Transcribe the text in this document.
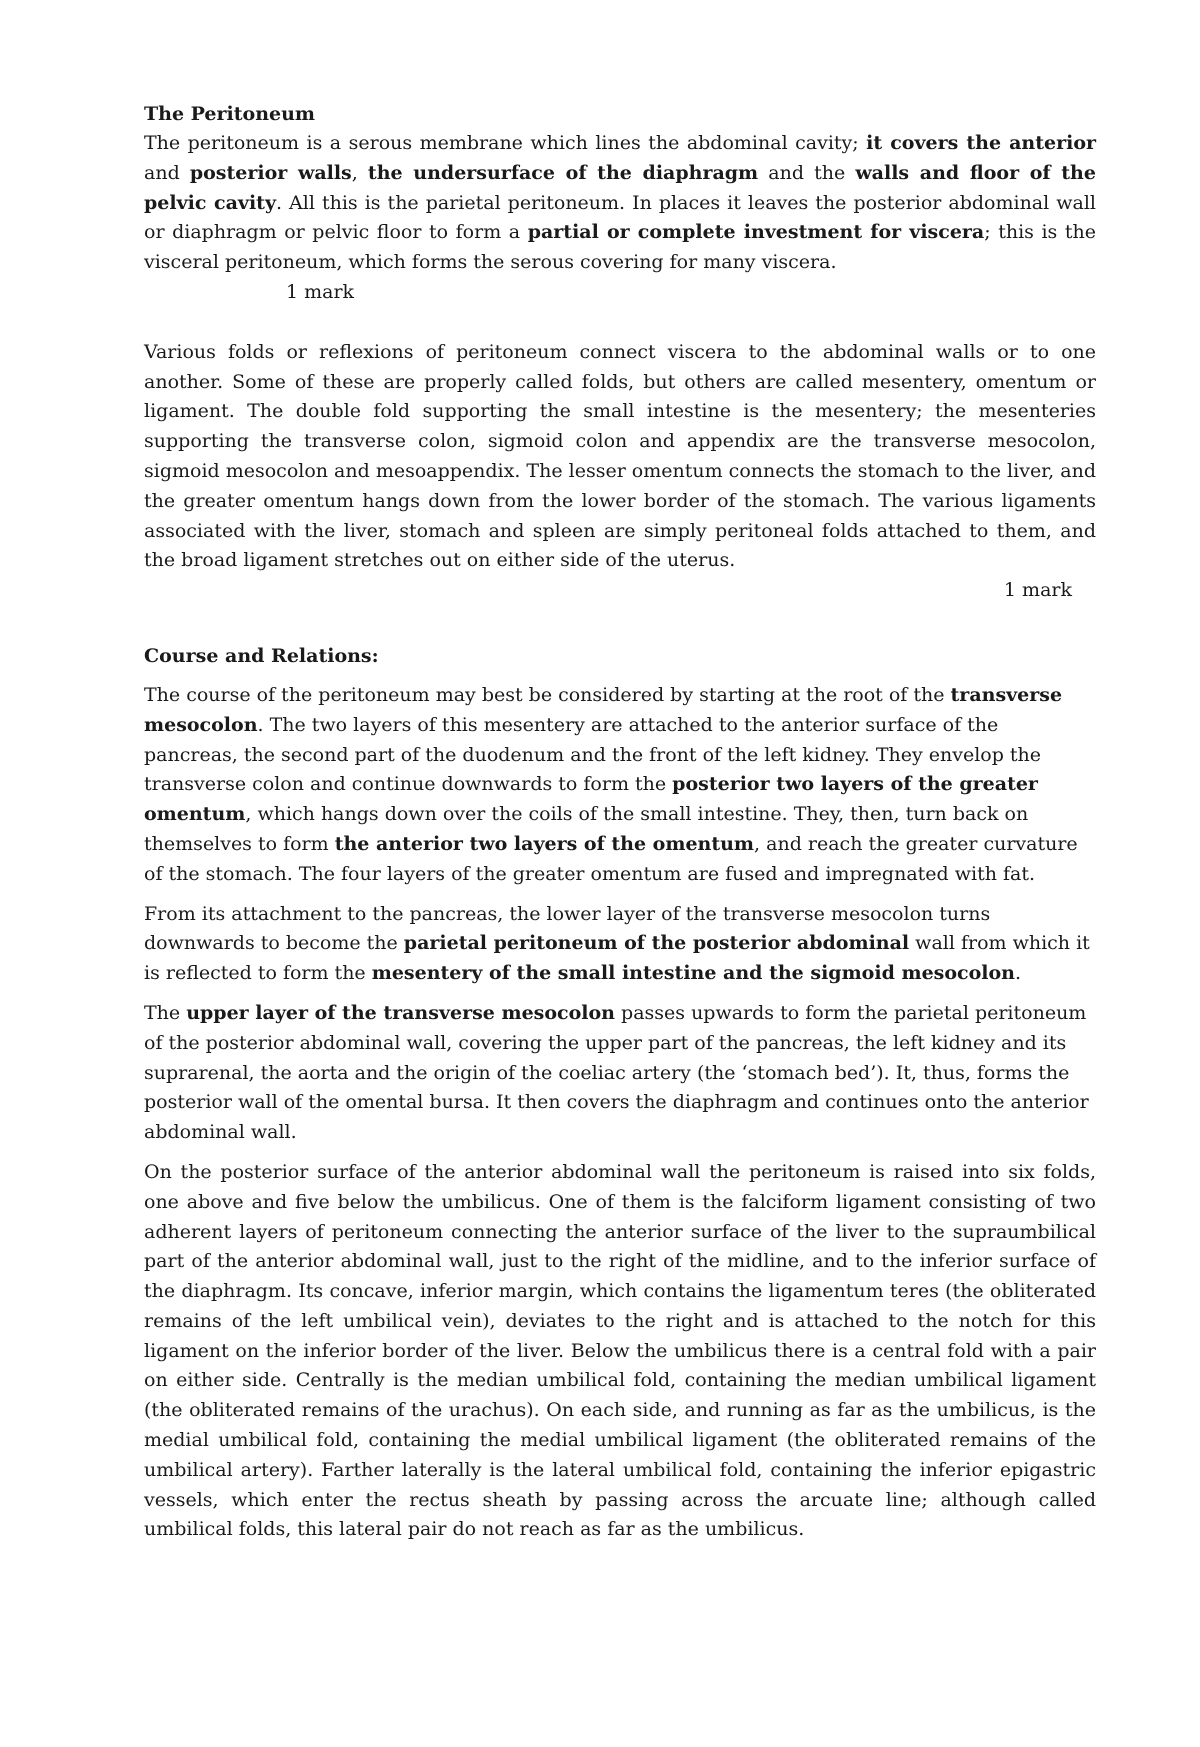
The Peritoneum

The peritoneum is a serous membrane which lines the abdominal cavity; it covers the anterior and posterior walls, the undersurface of the diaphragm and the walls and floor of the pelvic cavity. All this is the parietal peritoneum. In places it leaves the posterior abdominal wall or diaphragm or pelvic floor to form a partial or complete investment for viscera; this is the visceral peritoneum, which forms the serous covering for many viscera.

1 mark

Various folds or reflexions of peritoneum connect viscera to the abdominal walls or to one another. Some of these are properly called folds, but others are called mesentery, omentum or ligament. The double fold supporting the small intestine is the mesentery; the mesenteries supporting the transverse colon, sigmoid colon and appendix are the transverse mesocolon, sigmoid mesocolon and mesoappendix. The lesser omentum connects the stomach to the liver, and the greater omentum hangs down from the lower border of the stomach. The various ligaments associated with the liver, stomach and spleen are simply peritoneal folds attached to them, and the broad ligament stretches out on either side of the uterus.

1 mark

Course and Relations:

The course of the peritoneum may best be considered by starting at the root of the transverse mesocolon. The two layers of this mesentery are attached to the anterior surface of the pancreas, the second part of the duodenum and the front of the left kidney. They envelop the transverse colon and continue downwards to form the posterior two layers of the greater omentum, which hangs down over the coils of the small intestine. They, then, turn back on themselves to form the anterior two layers of the omentum, and reach the greater curvature of the stomach. The four layers of the greater omentum are fused and impregnated with fat.

From its attachment to the pancreas, the lower layer of the transverse mesocolon turns downwards to become the parietal peritoneum of the posterior abdominal wall from which it is reflected to form the mesentery of the small intestine and the sigmoid mesocolon.

The upper layer of the transverse mesocolon passes upwards to form the parietal peritoneum of the posterior abdominal wall, covering the upper part of the pancreas, the left kidney and its suprarenal, the aorta and the origin of the coeliac artery (the ‘stomach bed’). It, thus, forms the posterior wall of the omental bursa. It then covers the diaphragm and continues onto the anterior abdominal wall.

On the posterior surface of the anterior abdominal wall the peritoneum is raised into six folds, one above and five below the umbilicus. One of them is the falciform ligament consisting of two adherent layers of peritoneum connecting the anterior surface of the liver to the supraumbilical part of the anterior abdominal wall, just to the right of the midline, and to the inferior surface of the diaphragm. Its concave, inferior margin, which contains the ligamentum teres (the obliterated remains of the left umbilical vein), deviates to the right and is attached to the notch for this ligament on the inferior border of the liver. Below the umbilicus there is a central fold with a pair on either side. Centrally is the median umbilical fold, containing the median umbilical ligament (the obliterated remains of the urachus). On each side, and running as far as the umbilicus, is the medial umbilical fold, containing the medial umbilical ligament (the obliterated remains of the umbilical artery). Farther laterally is the lateral umbilical fold, containing the inferior epigastric vessels, which enter the rectus sheath by passing across the arcuate line; although called umbilical folds, this lateral pair do not reach as far as the umbilicus.
